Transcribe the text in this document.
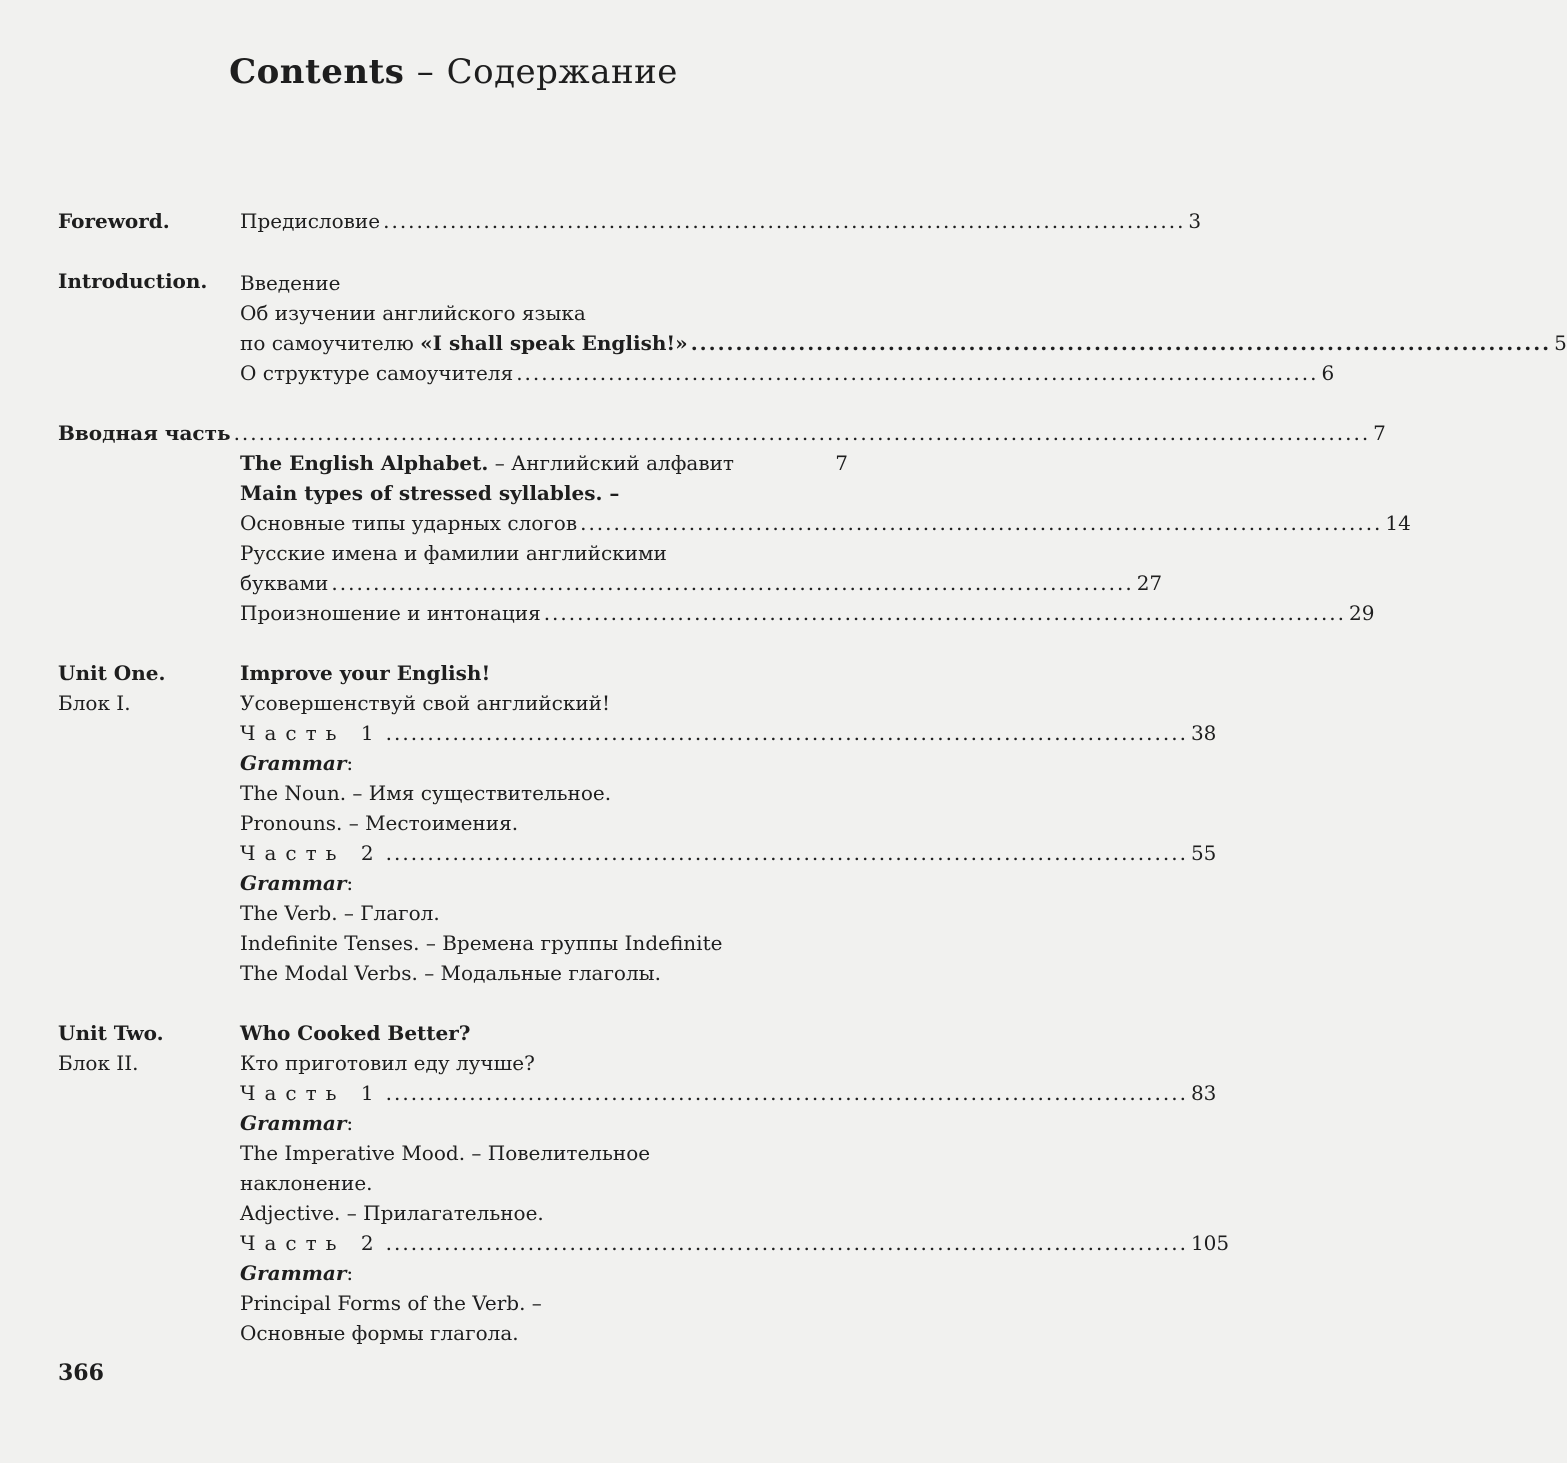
Contents – Содержание
Foreword.	Предисловие ................................................................................................ 3
Introduction. Введение
Об изучении английского языка
по самоучителю «I shall speak English!» ................................................................................................ 5
О структуре самоучителя ................................................................................................ 6
Вводная часть ........................................................................................................................................ 7
The English Alphabet. – Английский алфавит	7
Main types of stressed syllables. –
Основные типы ударных слогов ................................................................................................ 14
Русские имена и фамилии английскими
буквами ................................................................................................ 27
Произношение и интонация ................................................................................................ 29
Unit One.
Блок I.
Improve your English!
Усовершенствуй свой английский!
Часть 1 ................................................................................................ 38
Grammar:
The Noun. – Имя существительное.
Pronouns. – Местоимения.
Часть 2 ................................................................................................ 55
Grammar:
The Verb. – Глагол.
Indefinite Tenses. – Времена группы Indefinite
The Modal Verbs. – Модальные глаголы.
Unit Two.
Блок II.
Who Cooked Better?
Кто приготовил еду лучше?
Часть 1 ................................................................................................ 83
Grammar:
The Imperative Mood. – Повелительное
наклонение.
Adjective. – Прилагательное.
Часть 2 ................................................................................................ 105
Grammar:
Principal Forms of the Verb. –
Основные формы глагола.
366
